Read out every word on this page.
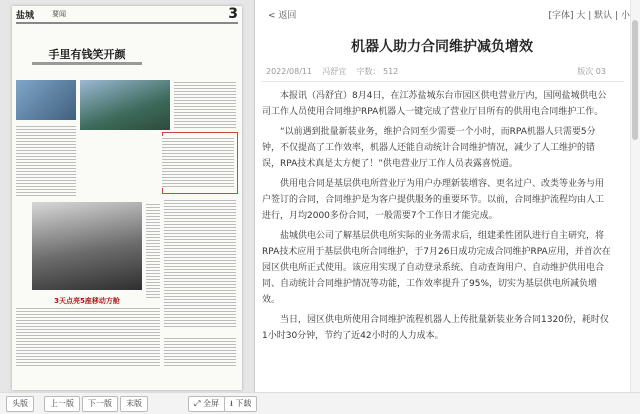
盐城	要闻	3
手里有钱笑开颜
3天点亮5座移动方舱
< 返回	[字体] 大 | 默认 | 小
机器人助力合同维护减负增效
2022/08/11 冯舒宜 字数： 512	版次 03

本报讯（冯舒宜）8月4日，在江苏盐城东台市园区供电营业厅内，国网盐城供电公司工作人员使用合同维护RPA机器人一键完成了营业厅目所有的供用电合同维护工作。

“以前遇到批量新装业务，维护合同至少需要一个小时，而RPA机器人只需要5分钟，不仅提高了工作效率，机器人还能自动统计合同维护情况，减少了人工维护的错误，RPA技术真是太方便了！”供电营业厅工作人员表露喜悦道。

供用电合同是基层供电所营业厅为用户办理新装增容、更名过户、改类等业务与用户签订的合同，合同维护是为客户提供服务的重要环节。以前，合同维护流程均由人工进行，月均2000多份合同，一般需要7个工作日才能完成。

盐城供电公司了解基层供电所实际的业务需求后，组建柔性团队进行自主研究，将RPA技术应用于基层供电所合同维护，于7月26日成功完成合同维护RPA应用，并首次在园区供电所正式使用。该应用实现了自动登录系统、自动查询用户、自动维护供用电合同、自动统计合同维护情况等功能，工作效率提升了95%，切实为基层供电所减负增效。

当日，园区供电所使用合同维护流程机器人上传批量新装业务合同1320份，耗时仅1小时30分钟，节约了近42小时的人力成本。

头版	上一版	下一版	末版	⤢ 全屏	⭳ 下载
